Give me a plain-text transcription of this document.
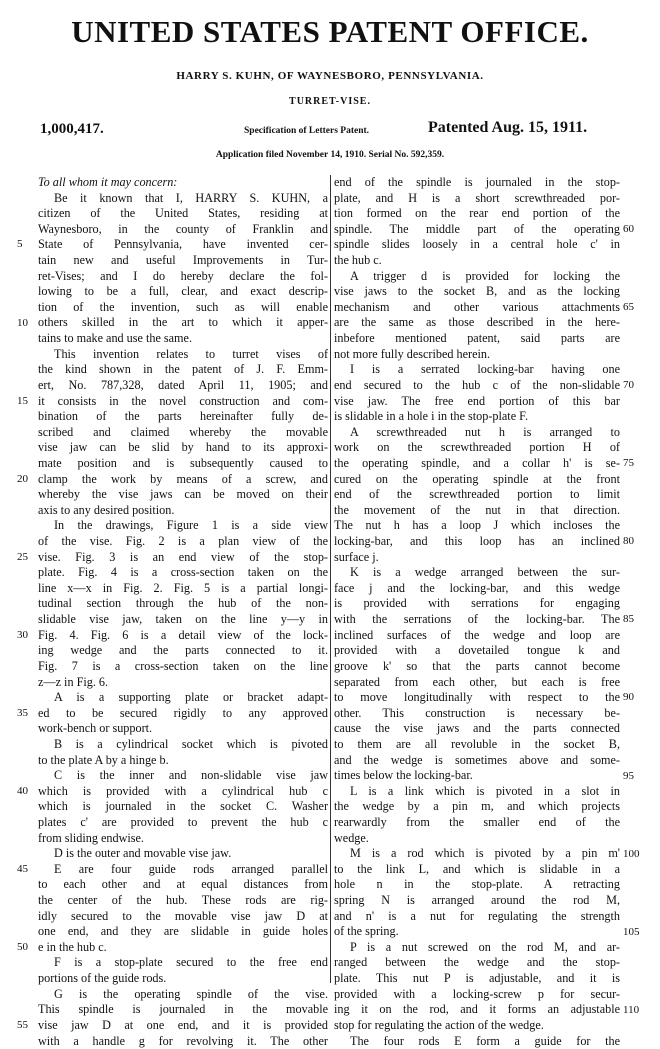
UNITED STATES PATENT OFFICE.
HARRY S. KUHN, OF WAYNESBORO, PENNSYLVANIA.
TURRET-VISE.
1,000,417.	Specification of Letters Patent.	Patented Aug. 15, 1911.
Application filed November 14, 1910. Serial No. 592,359.
To all whom it may concern:
Be it known that I, HARRY S. KUHN, a
citizen of the United States, residing at
Waynesboro, in the county of Franklin and
State of Pennsylvania, have invented cer-
tain new and useful Improvements in Tur-
ret-Vises; and I do hereby declare the fol-
lowing to be a full, clear, and exact descrip-
tion of the invention, such as will enable
others skilled in the art to which it apper-
tains to make and use the same.
This invention relates to turret vises of
the kind shown in the patent of J. F. Emm-
ert, No. 787,328, dated April 11, 1905; and
it consists in the novel construction and com-
bination of the parts hereinafter fully de-
scribed and claimed whereby the movable
vise jaw can be slid by hand to its approxi-
mate position and is subsequently caused to
clamp the work by means of a screw, and
whereby the vise jaws can be moved on their
axis to any desired position.
In the drawings, Figure 1 is a side view
of the vise. Fig. 2 is a plan view of the
vise. Fig. 3 is an end view of the stop-
plate. Fig. 4 is a cross-section taken on the
line x—x in Fig. 2. Fig. 5 is a partial longi-
tudinal section through the hub of the non-
slidable vise jaw, taken on the line y—y in
Fig. 4. Fig. 6 is a detail view of the lock-
ing wedge and the parts connected to it.
Fig. 7 is a cross-section taken on the line
z—z in Fig. 6.
A is a supporting plate or bracket adapt-
ed to be secured rigidly to any approved
work-bench or support.
B is a cylindrical socket which is pivoted
to the plate A by a hinge b.
C is the inner and non-slidable vise jaw
which is provided with a cylindrical hub c
which is journaled in the socket C. Washer
plates c' are provided to prevent the hub c
from sliding endwise.
D is the outer and movable vise jaw.
E are four guide rods arranged parallel
to each other and at equal distances from
the center of the hub. These rods are rig-
idly secured to the movable vise jaw D at
one end, and they are slidable in guide holes
e in the hub c.
F is a stop-plate secured to the free end
portions of the guide rods.
G is the operating spindle of the vise.
This spindle is journaled in the movable
vise jaw D at one end, and it is provided
with a handle g for revolving it. The other
end of the spindle is journaled in the stop-
plate, and H is a short screwthreaded por-
tion formed on the rear end portion of the
spindle. The middle part of the operating
spindle slides loosely in a central hole c' in
the hub c.
A trigger d is provided for locking the
vise jaws to the socket B, and as the locking
mechanism and other various attachments
are the same as those described in the here-
inbefore mentioned patent, said parts are
not more fully described herein.
I is a serrated locking-bar having one
end secured to the hub c of the non-slidable
vise jaw. The free end portion of this bar
is slidable in a hole i in the stop-plate F.
A screwthreaded nut h is arranged to
work on the screwthreaded portion H of
the operating spindle, and a collar h' is se-
cured on the operating spindle at the front
end of the screwthreaded portion to limit
the movement of the nut in that direction.
The nut h has a loop J which incloses the
locking-bar, and this loop has an inclined
surface j.
K is a wedge arranged between the sur-
face j and the locking-bar, and this wedge
is provided with serrations for engaging
with the serrations of the locking-bar. The
inclined surfaces of the wedge and loop are
provided with a dovetailed tongue k and
groove k' so that the parts cannot become
separated from each other, but each is free
to move longitudinally with respect to the
other. This construction is necessary be-
cause the vise jaws and the parts connected
to them are all revoluble in the socket B,
and the wedge is sometimes above and some-
times below the locking-bar.
L is a link which is pivoted in a slot in
the wedge by a pin m, and which projects
rearwardly from the smaller end of the
wedge.
M is a rod which is pivoted by a pin m'
to the link L, and which is slidable in a
hole n in the stop-plate. A retracting
spring N is arranged around the rod M,
and n' is a nut for regulating the strength
of the spring.
P is a nut screwed on the rod M, and ar-
ranged between the wedge and the stop-
plate. This nut P is adjustable, and it is
provided with a locking-screw p for secur-
ing it on the rod, and it forms an adjustable
stop for regulating the action of the wedge.
The four rods E form a guide for the
5
10
15
20
25
30
35
40
45
50
55
60
65
70
75
80
85
90
95
100
105
110
